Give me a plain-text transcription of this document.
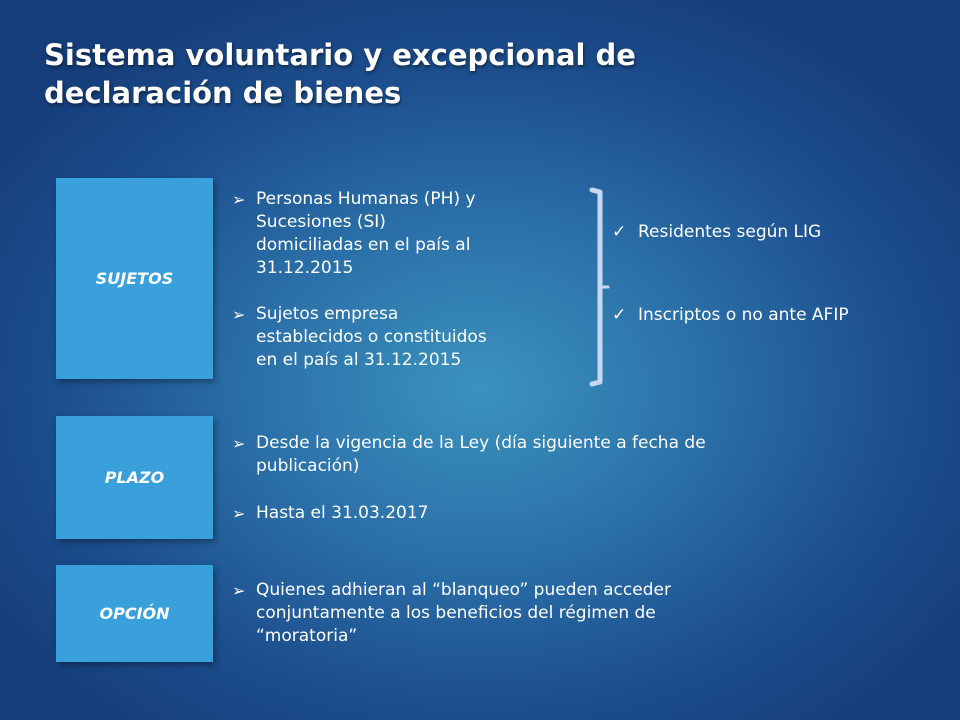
Sistema voluntario y excepcional de
declaración de bienes
SUJETOS
➢ Personas Humanas (PH) y
Sucesiones (SI)
domiciliadas en el país al
31.12.2015
➢ Sujetos empresa
establecidos o constituidos
en el país al 31.12.2015
✓ Residentes según LIG
✓ Inscriptos o no ante AFIP
PLAZO
➢ Desde la vigencia de la Ley (día siguiente a fecha de
publicación)
➢ Hasta el 31.03.2017
OPCIÓN
➢ Quienes adhieran al “blanqueo” pueden acceder
conjuntamente a los beneficios del régimen de
“moratoria”
